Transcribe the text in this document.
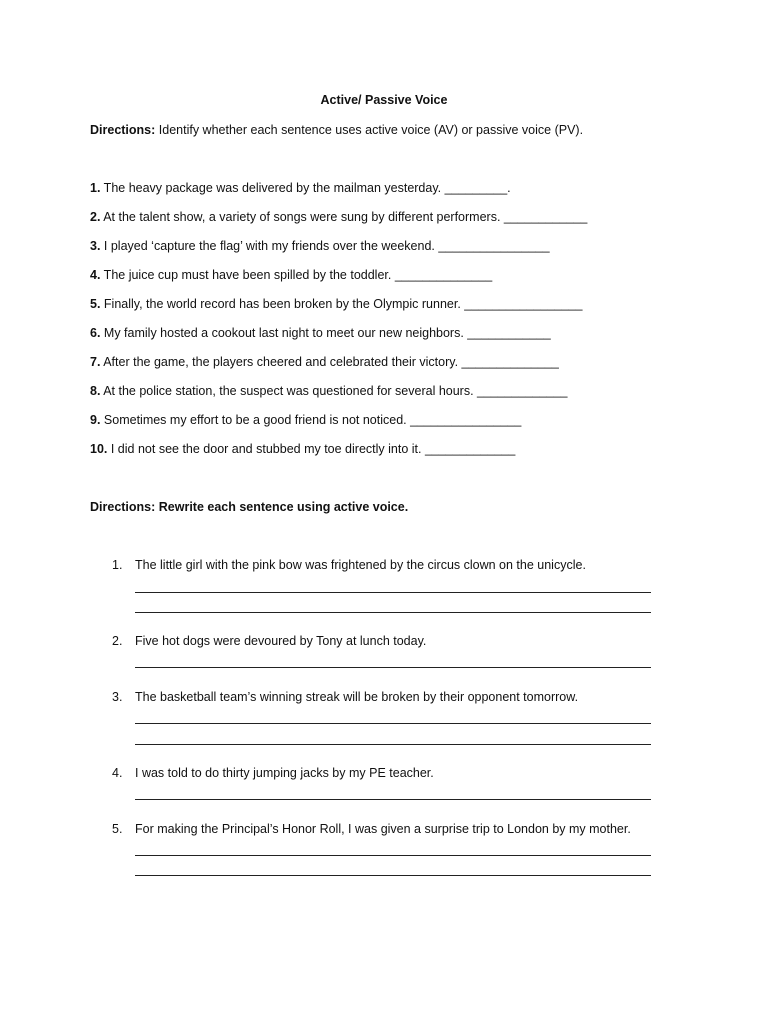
Active/ Passive Voice
Directions: Identify whether each sentence uses active voice (AV) or passive voice (PV).
1. The heavy package was delivered by the mailman yesterday. _________.
2. At the talent show, a variety of songs were sung by different performers. ____________
3. I played ‘capture the flag’ with my friends over the weekend. ________________
4. The juice cup must have been spilled by the toddler. ______________
5. Finally, the world record has been broken by the Olympic runner. _________________
6. My family hosted a cookout last night to meet our new neighbors. ____________
7. After the game, the players cheered and celebrated their victory. ______________
8. At the police station, the suspect was questioned for several hours. _____________
9. Sometimes my effort to be a good friend is not noticed. ________________
10. I did not see the door and stubbed my toe directly into it. _____________
Directions: Rewrite each sentence using active voice.
1. The little girl with the pink bow was frightened by the circus clown on the unicycle.
2. Five hot dogs were devoured by Tony at lunch today.
3. The basketball team’s winning streak will be broken by their opponent tomorrow.
4. I was told to do thirty jumping jacks by my PE teacher.
5. For making the Principal’s Honor Roll, I was given a surprise trip to London by my mother.
